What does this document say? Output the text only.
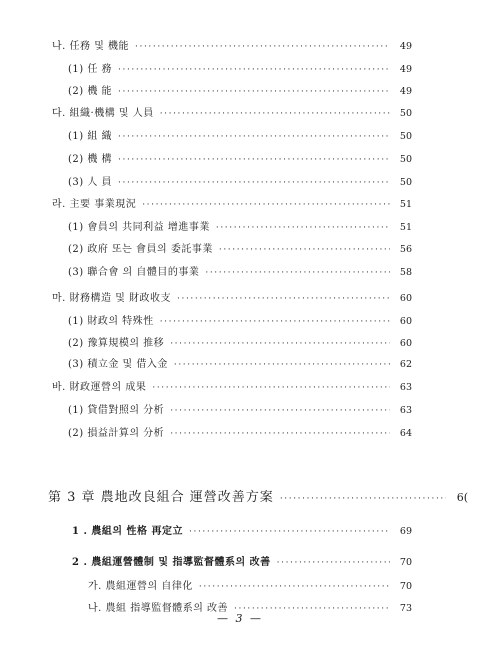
나. 任務 및 機能 ·····	49
(1) 任 務 ·····	49
(2) 機 能 ·····	49
다. 組織·機構 및 人員 ·····	50
(1) 組 織 ·····	50
(2) 機 構 ·····	50
(3) 人 員 ·····	50
라. 主要 事業現況 ·····	51
(1) 會員의 共同利益 增進事業 ·····	51
(2) 政府 또는 會員의 委託事業 ·····	56
(3) 聯合會 의 自體目的事業 ·····	58
마. 財務構造 및 財政收支 ·····	60
(1) 財政의 特殊性 ·····	60
(2) 豫算規模의 推移 ·····	60
(3) 積立金 및 借入金 ·····	62
바. 財政運營의 成果 ·····	63
(1) 貸借對照의 分析 ·····	63
(2) 損益計算의 分析 ·····	64
第 3 章 農地改良組合 運營改善方案 ·····	6(
1 . 農組의 性格 再定立 ·····	69
2 . 農組運營體制 및 指導監督體系의 改善 ·····	70
가. 農組運營의 自律化 ·····	70
나. 農組 指導監督體系의 改善 ·····	73
— 3 —
